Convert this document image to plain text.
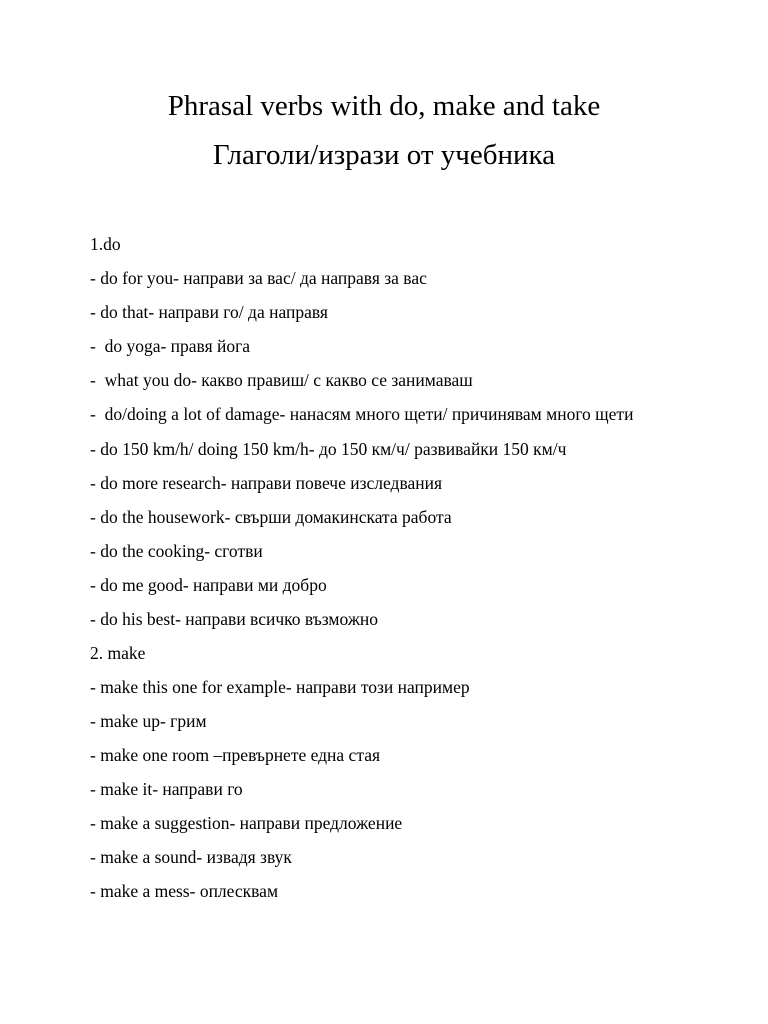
Phrasal verbs with do, make and take
Глаголи/изрази от учебника

1.do

- do for you- направи за вас/ да направя за вас

- do that- направи го/ да направя

-  do yoga- правя йога

-  what you do- какво правиш/ с какво се занимаваш

-  do/doing a lot of damage- нанасям много щети/ причинявам много щети

- do 150 km/h/ doing 150 km/h- до 150 км/ч/ развивайки 150 км/ч

- do more research- направи повече изследвания

- do the housework- свърши домакинската работа

- do the cooking- сготви

- do me good- направи ми добро

- do his best- направи всичко възможно

2. make

- make this one for example- направи този например

- make up- грим

- make one room –превърнете една стая

- make it- направи го

- make a suggestion- направи предложение

- make a sound- извадя звук

- make a mess- оплесквам
